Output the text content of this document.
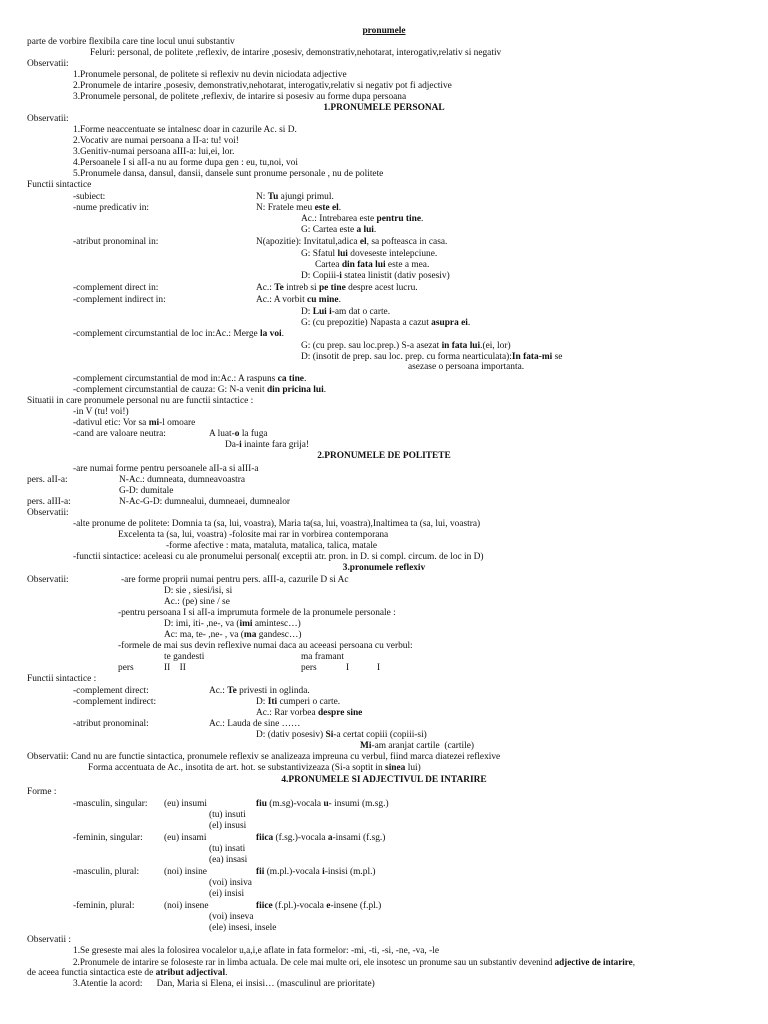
pronumele
parte de vorbire flexibila care tine locul unui substantiv
Feluri: personal, de politete ,reflexiv, de intarire ,posesiv, demonstrativ,nehotarat, interogativ,relativ si negativ
Observatii:
1.Pronumele personal, de politete si reflexiv nu devin niciodata adjective
2.Pronumele de intarire ,posesiv, demonstrativ,nehotarat, interogativ,relativ si negativ pot fi adjective
3.Pronumele personal, de politete ,reflexiv, de intarire si posesiv au forme dupa persoana
1.PRONUMELE PERSONAL
Observatii:
1.Forme neaccentuate se intalnesc doar in cazurile Ac. si D.
2.Vocativ are numai persoana a II-a: tu! voi!
3.Genitiv-numai persoana aIII-a: lui,ei, lor.
4.Persoanele I si aII-a nu au forme dupa gen : eu, tu,noi, voi
5.Pronumele dansa, dansul, dansii, dansele sunt pronume personale , nu de politete
Functii sintactice
-subiect:	N: Tu ajungi primul.
-nume predicativ in:	N: Fratele meu este el.
Ac.: Intrebarea este pentru tine.
G: Cartea este a lui.
-atribut pronominal in:	N(apozitie): Invitatul,adica el, sa pofteasca in casa.
G: Sfatul lui doveseste intelepciune.
Cartea din fata lui este a mea.
D: Copiii-i statea linistit (dativ posesiv)
-complement direct in:	Ac.: Te intreb si pe tine despre acest lucru.
-complement indirect in:	Ac.: A vorbit cu mine.
D: Lui i-am dat o carte.
G: (cu prepozitie) Napasta a cazut asupra ei.
-complement circumstantial de loc in:Ac.: Merge la voi.
G: (cu prep. sau loc.prep.) S-a asezat in fata lui.(ei, lor)
D: (insotit de prep. sau loc. prep. cu forma nearticulata):In fata-mi se
asezase o persoana importanta.
-complement circumstantial de mod in:Ac.: A raspuns ca tine.
-complement circumstantial de cauza: G: N-a venit din pricina lui.
Situatii in care pronumele personal nu are functii sintactice :
-in V (tu! voi!)
-dativul etic: Vor sa mi-l omoare
-cand are valoare neutra:	A luat-o la fuga
Da-i inainte fara grija!
2.PRONUMELE DE POLITETE
-are numai forme pentru persoanele aII-a si aIII-a
pers. aII-a:	N-Ac.: dumneata, dumneavoastra
G-D: dumitale
pers. aIII-a:	N-Ac-G-D: dumnealui, dumneaei, dumnealor
Observatii:
-alte pronume de politete: Domnia ta (sa, lui, voastra), Maria ta(sa, lui, voastra),Inaltimea ta (sa, lui, voastra)
Excelenta ta (sa, lui, voastra) -folosite mai rar in vorbirea contemporana
-forme afective : mata, mataluta, matalica, talica, matale
-functii sintactice: aceleasi cu ale pronumelui personal( exceptii atr. pron. in D. si compl. circum. de loc in D)
3.pronumele reflexiv
Observatii:	-are forme proprii numai pentru pers. aIII-a, cazurile D si Ac
D: sie , siesi/isi, si
Ac.: (pe) sine / se
-pentru persoana I si aII-a imprumuta formele de la pronumele personale :
D: imi, iti- ,ne-, va (imi amintesc…)
Ac: ma, te- ,ne- , va (ma gandesc…)
-formele de mai sus devin reflexive numai daca au aceeasi persoana cu verbul:
te gandesti	ma framant
pers	II    II	pers	I	I
Functii sintactice :
-complement direct:	Ac.: Te privesti in oglinda.
-complement indirect:	D: Iti cumperi o carte.
Ac.: Rar vorbea despre sine
-atribut pronominal:	Ac.: Lauda de sine ……
D: (dativ posesiv) Si-a certat copiii (copiii-si)
Mi-am aranjat cartile  (cartile)
Observatii: Cand nu are functie sintactica, pronumele reflexiv se analizeaza impreuna cu verbul, fiind marca diatezei reflexive
Forma accentuata de Ac., insotita de art. hot. se substantivizeaza (Si-a soptit in sinea lui)
4.PRONUMELE SI ADJECTIVUL DE INTARIRE
Forme :
-masculin, singular: (eu) insumi	fiu (m.sg)-vocala u- insumi (m.sg.)
(tu) insuti
(el) insusi
-feminin, singular: (eu) insami	fiica (f.sg.)-vocala a-insami (f.sg.)
(tu) insati
(ea) insasi
-masculin, plural:	(noi) insine	fii (m.pl.)-vocala i-insisi (m.pl.)
(voi) insiva
(ei) insisi
-feminin, plural:	(noi) insene	fiice (f.pl.)-vocala e-insene (f.pl.)
(voi) inseva
(ele) insesi, insele
Observatii :
1.Se greseste mai ales la folosirea vocalelor u,a,i,e aflate in fata formelor: -mi, -ti, -si, -ne, -va, -le
2.Pronumele de intarire se foloseste rar in limba actuala. De cele mai multe ori, ele insotesc un pronume sau un substantiv devenind adjective de intarire,
de aceea functia sintactica este de atribut adjectival.
3.Atentie la acord:      Dan, Maria si Elena, ei insisi… (masculinul are prioritate)
